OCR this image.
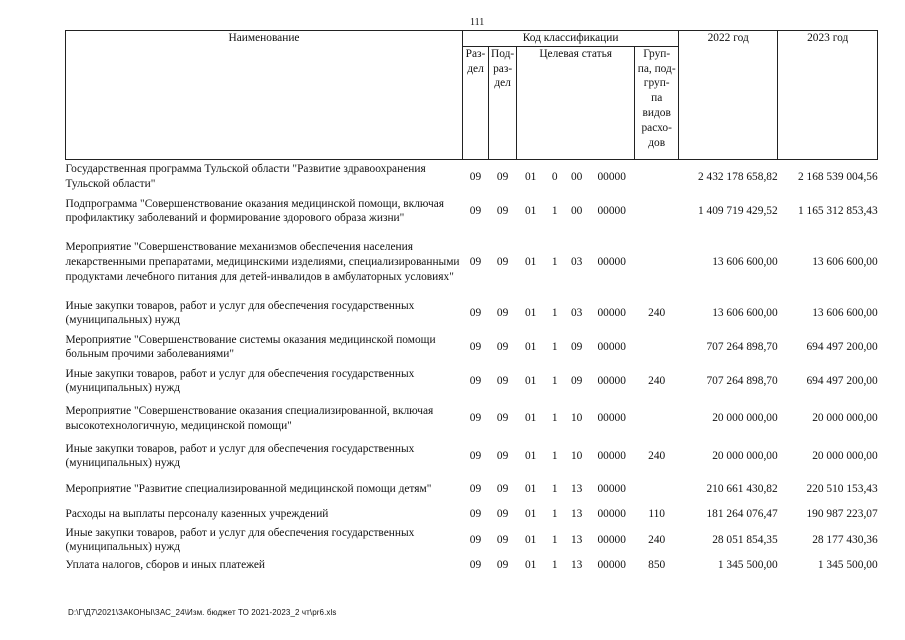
111
Наименование	Код классификации							2022 год	2023 год
	Раз- дел	Под- раз- дел	Целевая статья				Груп- па, под- груп- па видов расхо- дов		
Государственная программа Тульской области "Развитие здравоохранения Тульской области"	09	09	01	0	00	00000		2 432 178 658,82	2 168 539 004,56
Подпрограмма "Совершенствование оказания медицинской помощи, включая профилактику заболеваний и формирование здорового образа жизни"	09	09	01	1	00	00000		1 409 719 429,52	1 165 312 853,43
Мероприятие "Совершенствование механизмов обеспечения населения лекарственными препаратами, медицинскими изделиями, специализированными продуктами лечебного питания для детей-инвалидов в амбулаторных условиях"	09	09	01	1	03	00000		13 606 600,00	13 606 600,00
Иные закупки товаров, работ и услуг для обеспечения государственных (муниципальных) нужд	09	09	01	1	03	00000	240	13 606 600,00	13 606 600,00
Мероприятие "Совершенствование системы оказания медицинской помощи больным прочими заболеваниями"	09	09	01	1	09	00000		707 264 898,70	694 497 200,00
Иные закупки товаров, работ и услуг для обеспечения государственных (муниципальных) нужд	09	09	01	1	09	00000	240	707 264 898,70	694 497 200,00
Мероприятие "Совершенствование оказания специализированной, включая высокотехнологичную, медицинской помощи"	09	09	01	1	10	00000		20 000 000,00	20 000 000,00
Иные закупки товаров, работ и услуг для обеспечения государственных (муниципальных) нужд	09	09	01	1	10	00000	240	20 000 000,00	20 000 000,00
Мероприятие "Развитие специализированной медицинской помощи детям"	09	09	01	1	13	00000		210 661 430,82	220 510 153,43
Расходы на выплаты персоналу казенных учреждений	09	09	01	1	13	00000	110	181 264 076,47	190 987 223,07
Иные закупки товаров, работ и услуг для обеспечения государственных (муниципальных) нужд	09	09	01	1	13	00000	240	28 051 854,35	28 177 430,36
Уплата налогов, сборов и иных платежей	09	09	01	1	13	00000	850	1 345 500,00	1 345 500,00
D:\Г\Д7\2021\ЗАКОНЫ\ЗАС_24\Изм. бюджет ТО 2021-2023_2 чт\pr6.xls
